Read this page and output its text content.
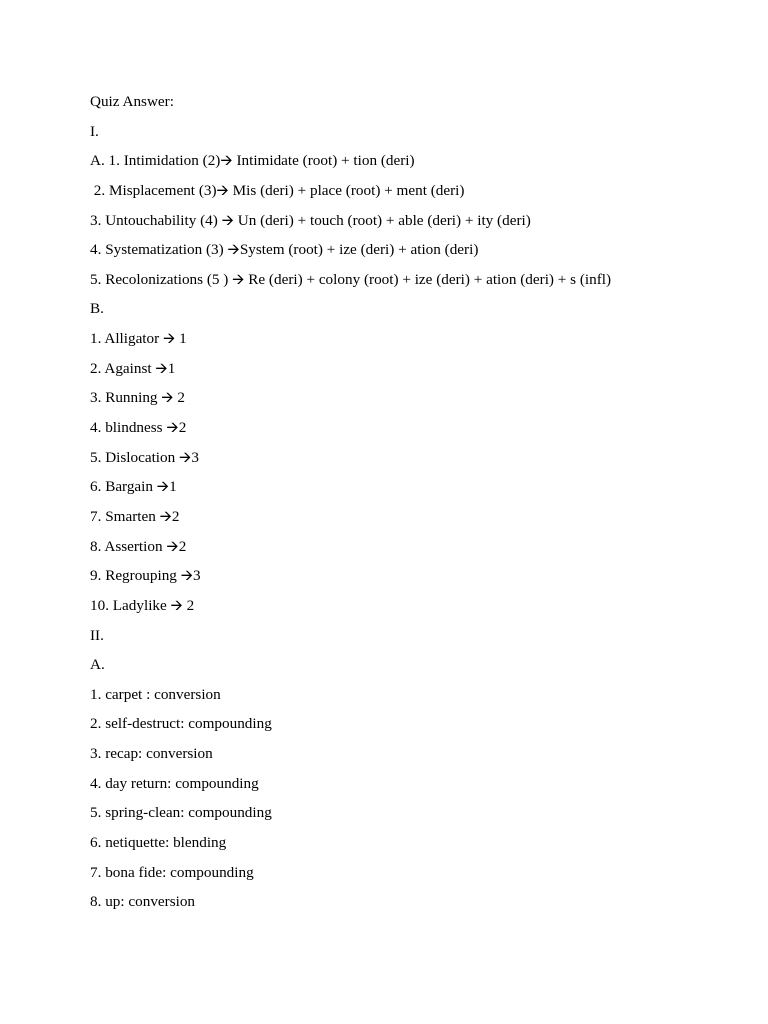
Quiz Answer:
I.
A. 1. Intimidation (2)🡪 Intimidate (root) + tion (deri)
2. Misplacement (3)🡪 Mis (deri) + place (root) + ment (deri)
3. Untouchability (4) 🡪 Un (deri) + touch (root) + able (deri) + ity (deri)
4. Systematization (3) 🡪System (root) + ize (deri) + ation (deri)
5. Recolonizations (5 ) 🡪 Re (deri) + colony (root) + ize (deri) + ation (deri) + s (infl)
B.
1. Alligator 🡪 1
2. Against 🡪1
3. Running 🡪 2
4. blindness 🡪2
5. Dislocation 🡪3
6. Bargain 🡪1
7. Smarten 🡪2
8. Assertion 🡪2
9. Regrouping 🡪3
10. Ladylike 🡪 2
II.
A.
1. carpet : conversion
2. self-destruct: compounding
3. recap: conversion
4. day return: compounding
5. spring-clean: compounding
6. netiquette: blending
7. bona fide: compounding
8. up: conversion
